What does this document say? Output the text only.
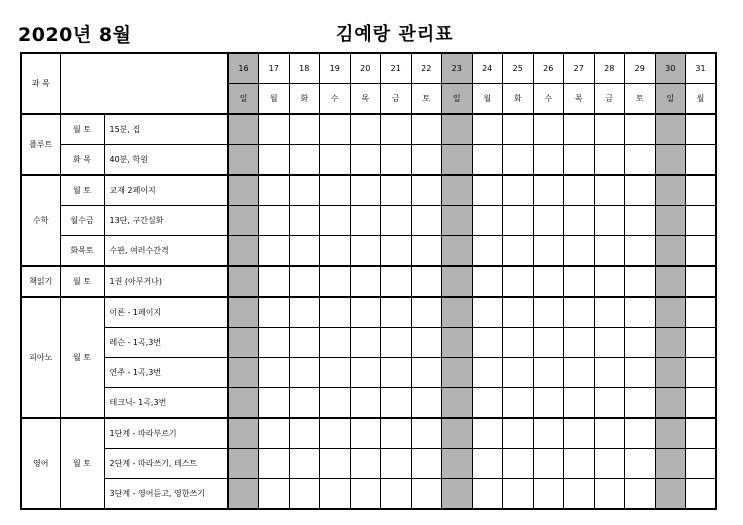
2020년 8월	김예랑 관리표
과 목			16	17	18	19	20	21	22	23	24	25	26	27	28	29	30	31
			일	월	화	수	목	금	토	일	월	화	수	목	금	토	일	월
플루트	월 토	15분, 집																
	화 목	40분, 학원																
수학	월 토	교재 2페이지																
	월수금	13단, 구간심화																
	화목토	수판, 여러수간격																
책읽기	월 토	1권 (아무거나)																
피아노	월 토	이론 - 1페이지																
		레슨 - 1곡,3번																
		연주 - 1곡,3번																
		테크닉- 1곡,3번																
영어	월 토	1단계 - 따라부르기																
		2단계 - 따라쓰기, 테스트																
		3단계 - 영어듣고, 영한쓰기																
